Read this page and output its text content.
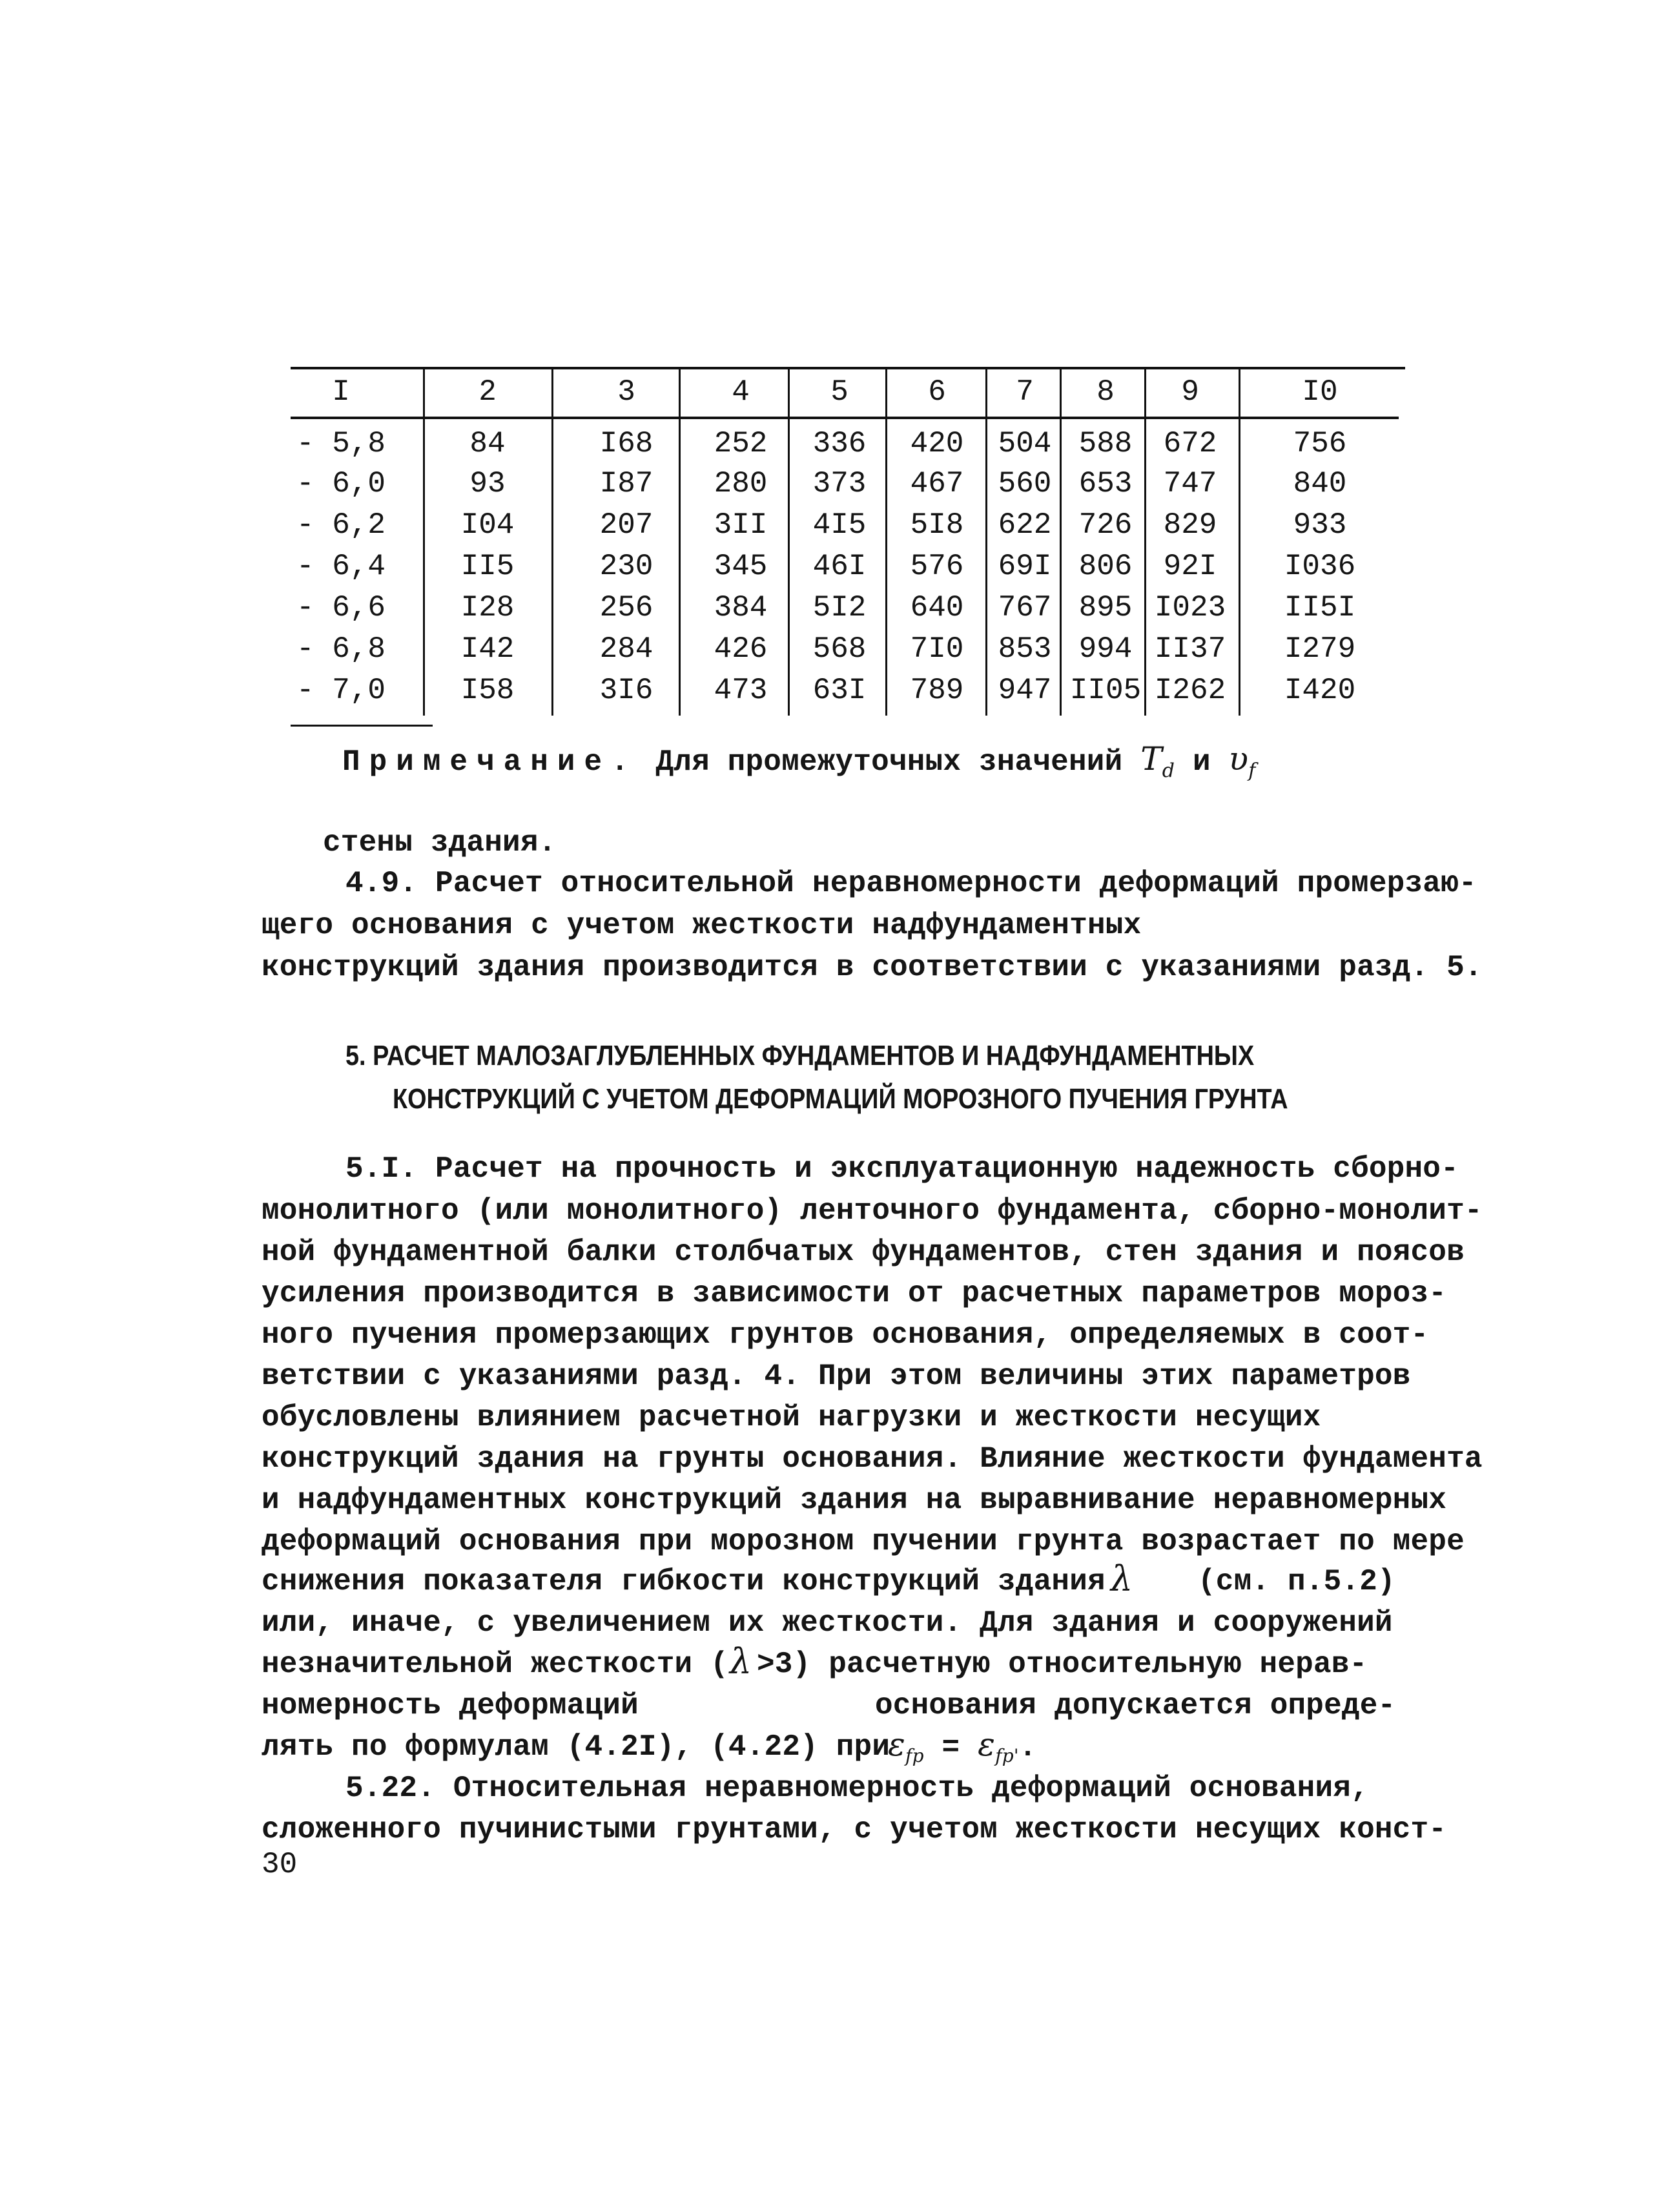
I	2	3	4	5	6 7 8 9	I0
- 5,8	84	I68 252 336 420 504 588 672	756
- 6,0	93	I87 280 373 467 560 653 747	840
- 6,2	I04	207 3II 4I5 5I8 622 726 829	933
- 6,4	II5	230 345 46I 576 69I 806 92I I036
- 6,6	I28	256 384 5I2 640 767 895 I023 II5I
- 6,8	I42	284 426 568 7I0 853 994 II37 I279
- 7,0	I58	3I6 473 63I 789 947 II05 I262 I420
Примечание. Для промежуточных значений $T_d$ и $\upsilon_f$
стены здания.
4.9. Расчет относительной неравномерности деформаций промерзаю-
щего основания с учетом жесткости надфундаментных
конструкций здания производится в соответствии с указаниями разд. 5.
5. РАСЧЕТ МАЛОЗАГЛУБЛЕННЫХ ФУНДАМЕНТОВ И НАДФУНДАМЕНТНЫХ
КОНСТРУКЦИЙ С УЧЕТОМ ДЕФОРМАЦИЙ МОРОЗНОГО ПУЧЕНИЯ ГРУНТА
5.I. Расчет на прочность и эксплуатационную надежность сборно-
монолитного (или монолитного) ленточного фундамента, сборно-монолит-
ной фундаментной балки столбчатых фундаментов, стен здания и поясов
усиления производится в зависимости от расчетных параметров мороз-
ного пучения промерзающих грунтов основания, определяемых в соот-
ветствии с указаниями разд. 4. При этом величины этих параметров
обусловлены влиянием расчетной нагрузки и жесткости несущих
конструкций здания на грунты основания. Влияние жесткости фундамента
и надфундаментных конструкций здания на выравнивание неравномерных
деформаций основания при морозном пучении грунта возрастает по мере
снижения показателя гибкости конструкций здания λ (см. п.5.2)
или, иначе, с увеличением их жесткости. Для здания и сооружений
незначительной жесткости ( λ >3) расчетную относительную нерав-
номерность деформаций	основания допускается опреде-
лять по формулам (4.2I), (4.22) при
$\varepsilon_{fp} = \varepsilon_{fp'}$.
5.22. Относительная неравномерность деформаций основания,
сложенного пучинистыми грунтами, с учетом жесткости несущих конст-
30
